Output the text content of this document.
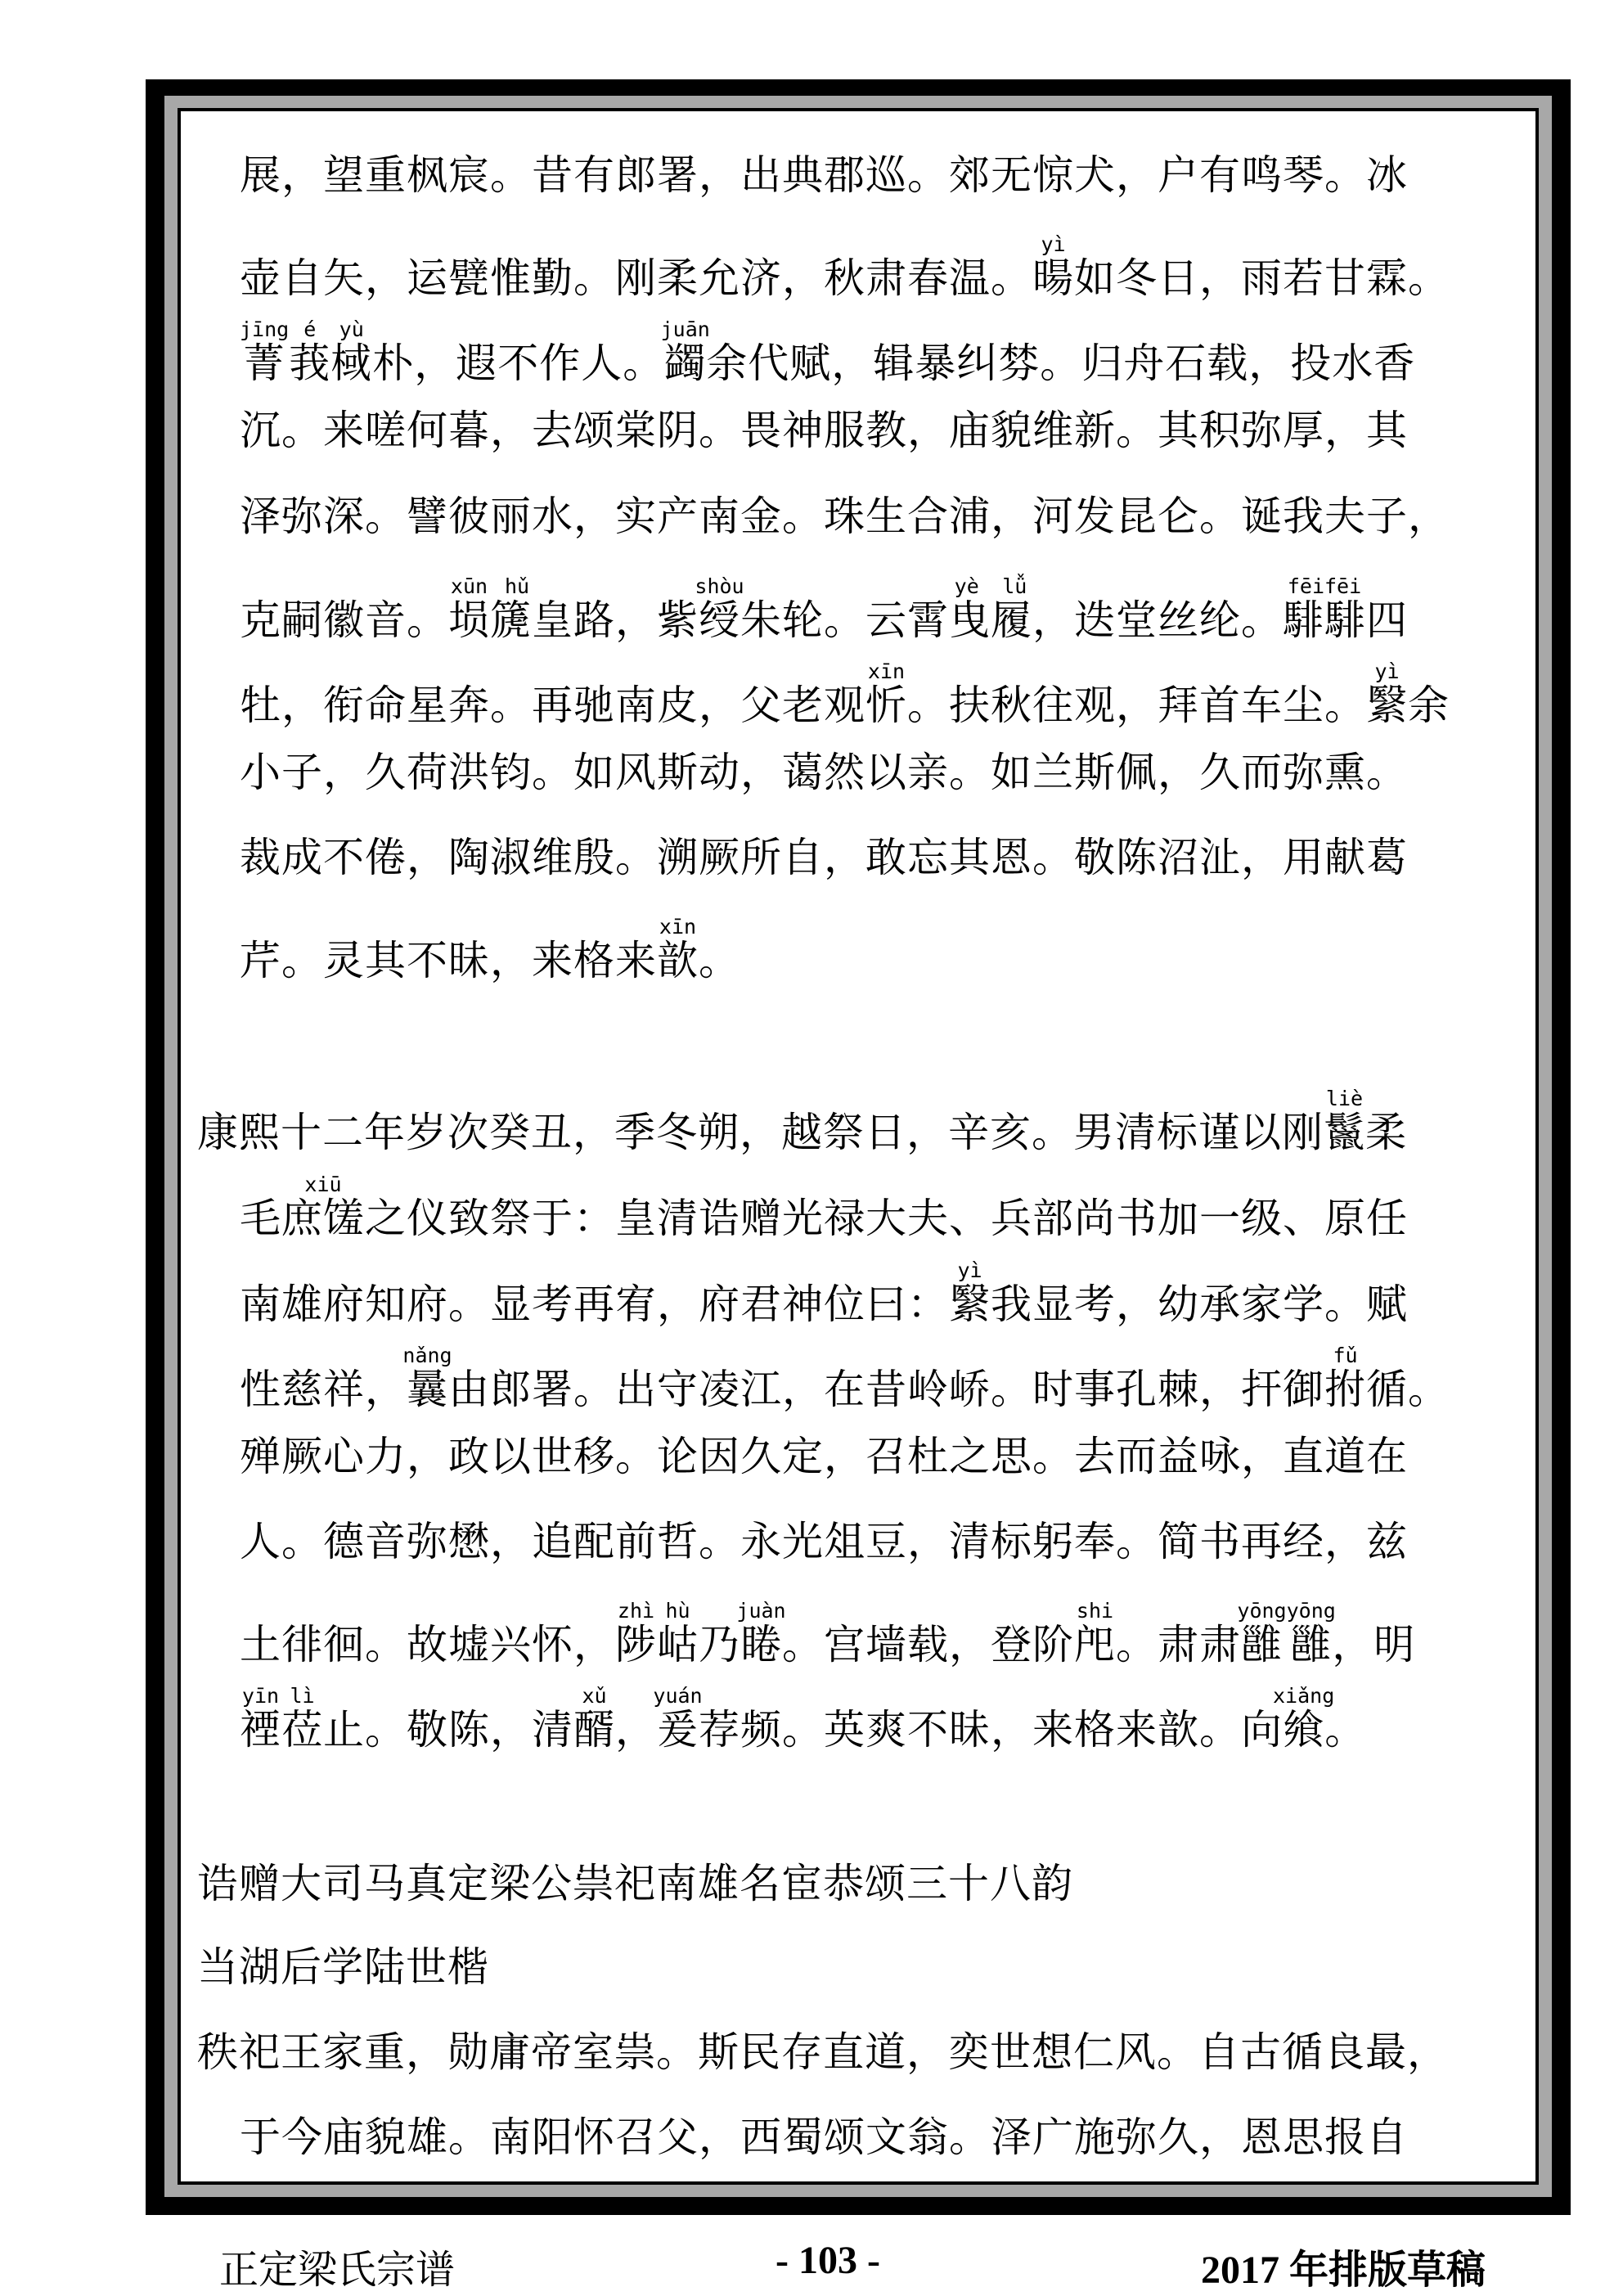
展，望重枫宸。昔有郎署，出典郡巡。郊无惊犬，户有鸣琴。冰
壶自矢，运甓惟勤。刚柔允济，秋肃春温。暘yì如冬日，雨若甘霖。
菁jīng莪é棫yù朴，遐不作人。蠲juān余代赋，辑暴纠棼。归舟石载，投水香
沉。来嗟何暮，去颂棠阴。畏神服教，庙貌维新。其积弥厚，其
泽弥深。譬彼丽水，实产南金。珠生合浦，河发昆仑。诞我夫子，
克嗣徽音。埙篪xūn hǔ皇路，紫绶shòu朱轮。云霄曳履yè lǚ，迭堂丝纶。騑騑fēifēi四
牡，衔命星奔。再驰南皮，父老观忻xīn。扶秋往观，拜首车尘。繄yì余
小子，久荷洪钧。如风斯动，蔼然以亲。如兰斯佩，久而弥熏。
裁成不倦，陶淑维殷。溯厥所自，敢忘其恩。敬陈沼沚，用献葛
芹。灵其不昧，来格来歆xīn。
康熙十二年岁次癸丑，季冬朔，越祭日，辛亥。男清标谨以刚鬣liè柔
毛庶馐xiū之仪致祭于：皇清诰赠光禄大夫、兵部尚书加一级、原任
南雄府知府。显考再宥，府君神位曰：繄yì我显考，幼承家学。赋
性慈祥，曩nǎng由郎署。出守凌江，在昔岭峤。时事孔棘，扞御拊fǔ循。
殚厥心力，政以世移。论因久定，召杜之思。去而益咏，直道在
人。德音弥懋，追配前哲。永光俎豆，清标躬奉。简书再经，兹
土徘徊。故墟兴怀，陟zhì岵hù乃睠juàn。宫墙载，登阶戺shi。肃肃雝雝yōngyōng，明
禋yīn莅lì止。敬陈，清醑xǔ，爰yuán荐频。英爽不昧，来格来歆。向飨xiǎng。
诰赠大司马真定梁公祟祀南雄名宦恭颂三十八韵
当湖后学陆世楷
秩祀王家重，勋庸帝室祟。斯民存直道，奕世想仁风。自古循良最，
于今庙貌雄。南阳怀召父，西蜀颂文翁。泽广施弥久，恩思报自
正定梁氏宗谱	- 103 -	2017 年排版草稿
